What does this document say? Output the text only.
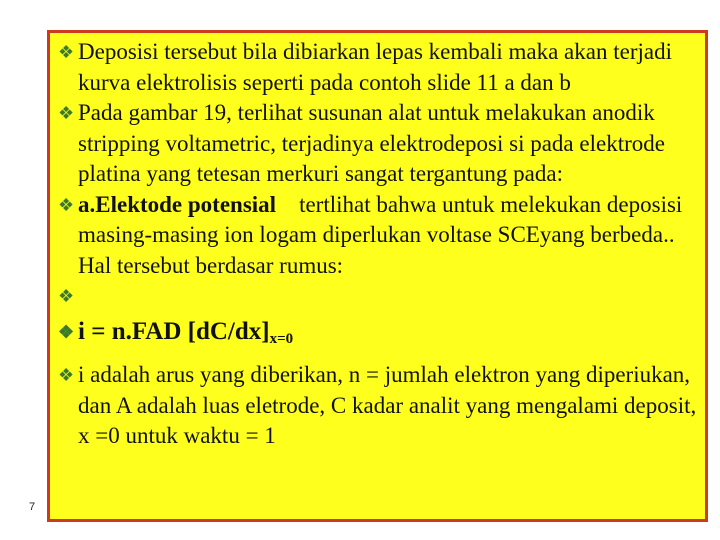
❖ Deposisi tersebut bila dibiarkan lepas kembali maka akan terjadi kurva elektrolisis seperti pada contoh slide 11 a dan b
❖ Pada gambar 19, terlihat susunan alat untuk melakukan anodik stripping voltametric, terjadinya elektrodeposi si pada elektrode platina yang tetesan merkuri sangat tergantung pada:
❖ a.Elektode potensial    tertlihat bahwa untuk melekukan deposisi masing-masing ion logam diperlukan voltase SCEyang berbeda.. Hal tersebut berdasar rumus:
❖

❖ i = n.FAD $[dC/dx]_{x=0}$
❖ i adalah arus yang diberikan, n = jumlah elektron yang diperiukan, dan A adalah luas eletrode, C kadar analit yang mengalami deposit, x =0 untuk waktu = 1
7
